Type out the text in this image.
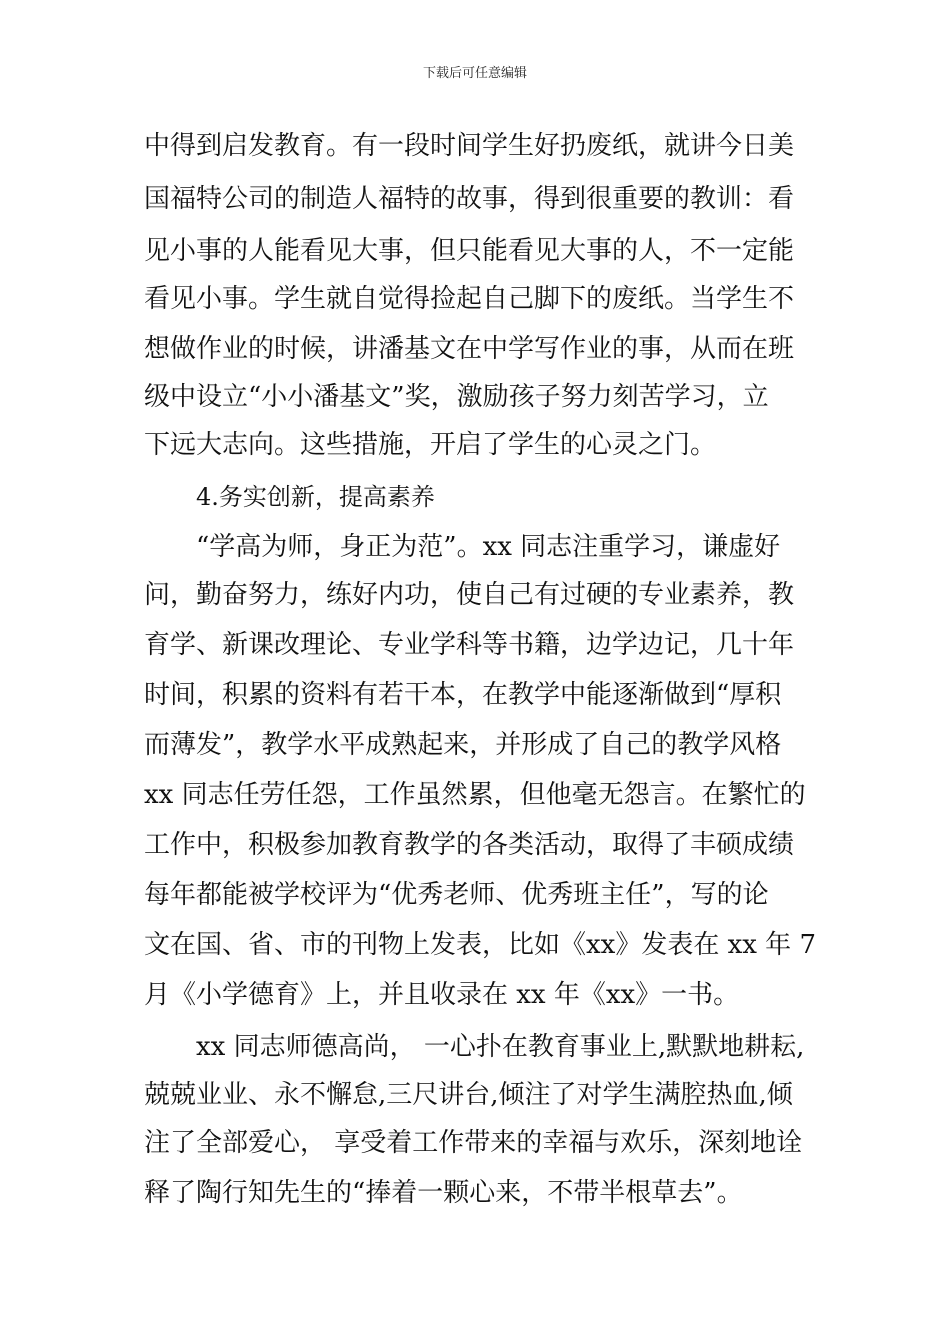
下载后可任意编辑
中得到启发教育。有一段时间学生好扔废纸，就讲今日美
国福特公司的制造人福特的故事，得到很重要的教训：看
见小事的人能看见大事，但只能看见大事的人，不一定能
看见小事。学生就自觉得捡起自己脚下的废纸。当学生不
想做作业的时候，讲潘基文在中学写作业的事，从而在班
级中设立“小小潘基文”奖，激励孩子努力刻苦学习，立
下远大志向。这些措施，开启了学生的心灵之门。
4.务实创新，提高素养
“学高为师，身正为范”。xx 同志注重学习，谦虚好
问，勤奋努力，练好内功，使自己有过硬的专业素养，教
育学、新课改理论、专业学科等书籍，边学边记，几十年
时间，积累的资料有若干本，在教学中能逐渐做到“厚积
而薄发”，教学水平成熟起来，并形成了自己的教学风格
xx 同志任劳任怨，工作虽然累，但他毫无怨言。在繁忙的
工作中，积极参加教育教学的各类活动，取得了丰硕成绩
每年都能被学校评为“优秀老师、优秀班主任”，写的论
文在国、省、市的刊物上发表，比如《xx》发表在 xx 年 7
月《小学德育》上，并且收录在 xx 年《xx》一书。
xx 同志师德高尚， 一心扑在教育事业上,默默地耕耘,
兢兢业业、永不懈怠,三尺讲台,倾注了对学生满腔热血,倾
注了全部爱心， 享受着工作带来的幸福与欢乐，深刻地诠
释了陶行知先生的“捧着一颗心来，不带半根草去”。
